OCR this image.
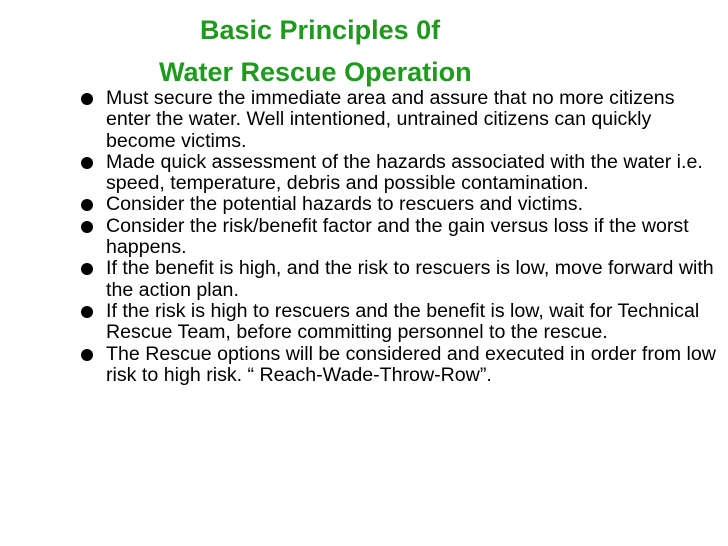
Basic Principles 0f
Water Rescue Operation
Must secure the immediate area and assure that no more citizens enter the water. Well intentioned, untrained citizens can quickly become victims.
Made quick assessment of the hazards associated with the water i.e. speed, temperature, debris and possible contamination.
Consider the potential hazards to rescuers and victims.
Consider the risk/benefit factor and the gain versus loss if the worst happens.
If the benefit is high, and the risk to rescuers is low, move forward with the action plan.
If the risk is high to rescuers and the benefit is low, wait for Technical Rescue Team, before committing personnel to the rescue.
The Rescue options will be considered and executed in order from low risk to high risk. “ Reach-Wade-Throw-Row”.
